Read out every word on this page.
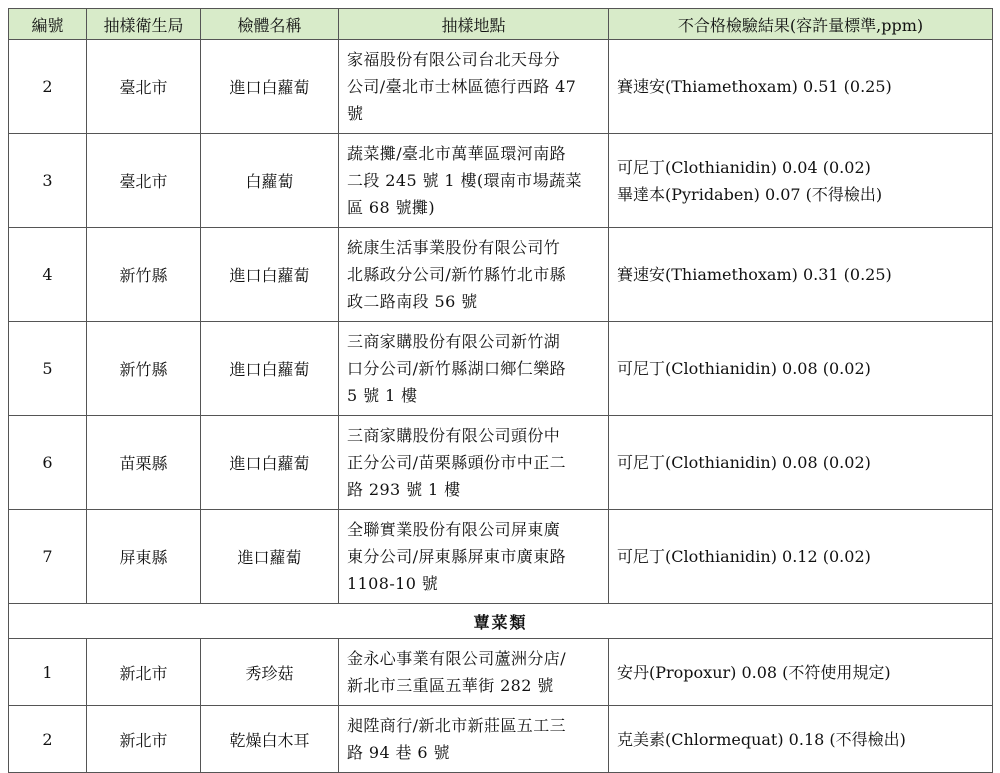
編號	抽樣衛生局	檢體名稱	抽樣地點	不合格檢驗結果(容許量標準,ppm)
2	臺北市	進口白蘿蔔	家福股份有限公司台北天母分
公司/臺北市士林區德行西路 47
號	賽速安(Thiamethoxam) 0.51 (0.25)

3	臺北市	白蘿蔔	蔬菜攤/臺北市萬華區環河南路
二段 245 號 1 樓(環南市場蔬菜
區 68 號攤)	可尼丁(Clothianidin) 0.04 (0.02)
畢達本(Pyridaben) 0.07 (不得檢出)

4	新竹縣	進口白蘿蔔	統康生活事業股份有限公司竹
北縣政分公司/新竹縣竹北市縣
政二路南段 56 號	賽速安(Thiamethoxam) 0.31 (0.25)

5	新竹縣	進口白蘿蔔	三商家購股份有限公司新竹湖
口分公司/新竹縣湖口鄉仁樂路
5 號 1 樓	可尼丁(Clothianidin) 0.08 (0.02)

6	苗栗縣	進口白蘿蔔	三商家購股份有限公司頭份中
正分公司/苗栗縣頭份市中正二
路 293 號 1 樓	可尼丁(Clothianidin) 0.08 (0.02)

7	屏東縣	進口蘿蔔	全聯實業股份有限公司屏東廣
東分公司/屏東縣屏東市廣東路
1108-10 號	可尼丁(Clothianidin) 0.12 (0.02)

蕈菜類				
1	新北市	秀珍菇	金永心事業有限公司蘆洲分店/
新北市三重區五華街 282 號	安丹(Propoxur) 0.08 (不符使用規定)

2	新北市	乾燥白木耳	昶陞商行/新北市新莊區五工三
路 94 巷 6 號	克美素(Chlormequat) 0.18 (不得檢出)
